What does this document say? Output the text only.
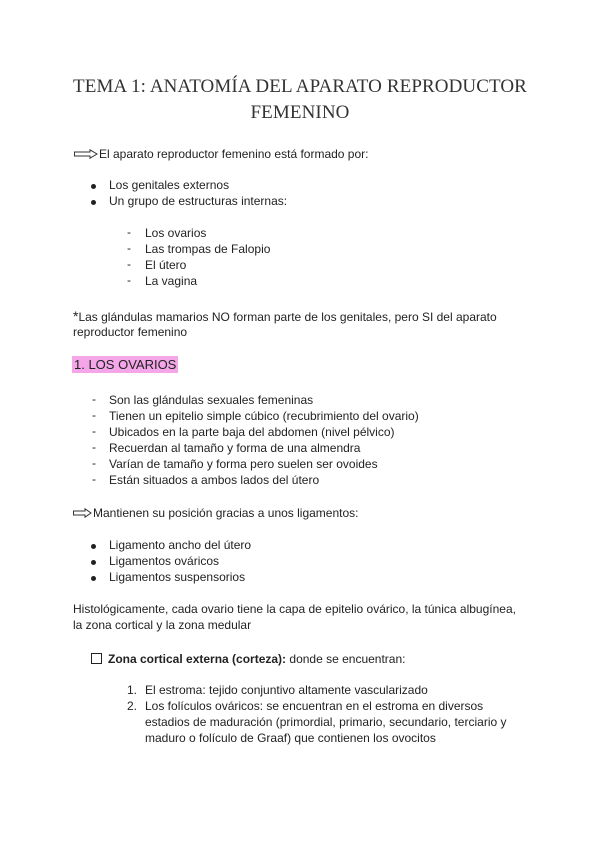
TEMA 1: ANATOMÍA DEL APARATO REPRODUCTOR
FEMENINO
El aparato reproductor femenino está formado por:
Los genitales externos
Un grupo de estructuras internas:
- Los ovarios
- Las trompas de Falopio
- El útero
- La vagina
*Las glándulas mamarios NO forman parte de los genitales, pero SI del aparato
reproductor femenino
1. LOS OVARIOS
- Son las glándulas sexuales femeninas
- Tienen un epitelio simple cúbico (recubrimiento del ovario)
- Ubicados en la parte baja del abdomen (nivel pélvico)
- Recuerdan al tamaño y forma de una almendra
- Varían de tamaño y forma pero suelen ser ovoides
- Están situados a ambos lados del útero
Mantienen su posición gracias a unos ligamentos:
Ligamento ancho del útero
Ligamentos ováricos
Ligamentos suspensorios
Histológicamente, cada ovario tiene la capa de epitelio ovárico, la túnica albugínea,
la zona cortical y la zona medular
Zona cortical externa (corteza): donde se encuentran:
1. El estroma: tejido conjuntivo altamente vascularizado
2. Los folículos ováricos: se encuentran en el estroma en diversos
estadios de maduración (primordial, primario, secundario, terciario y
maduro o folículo de Graaf) que contienen los ovocitos
